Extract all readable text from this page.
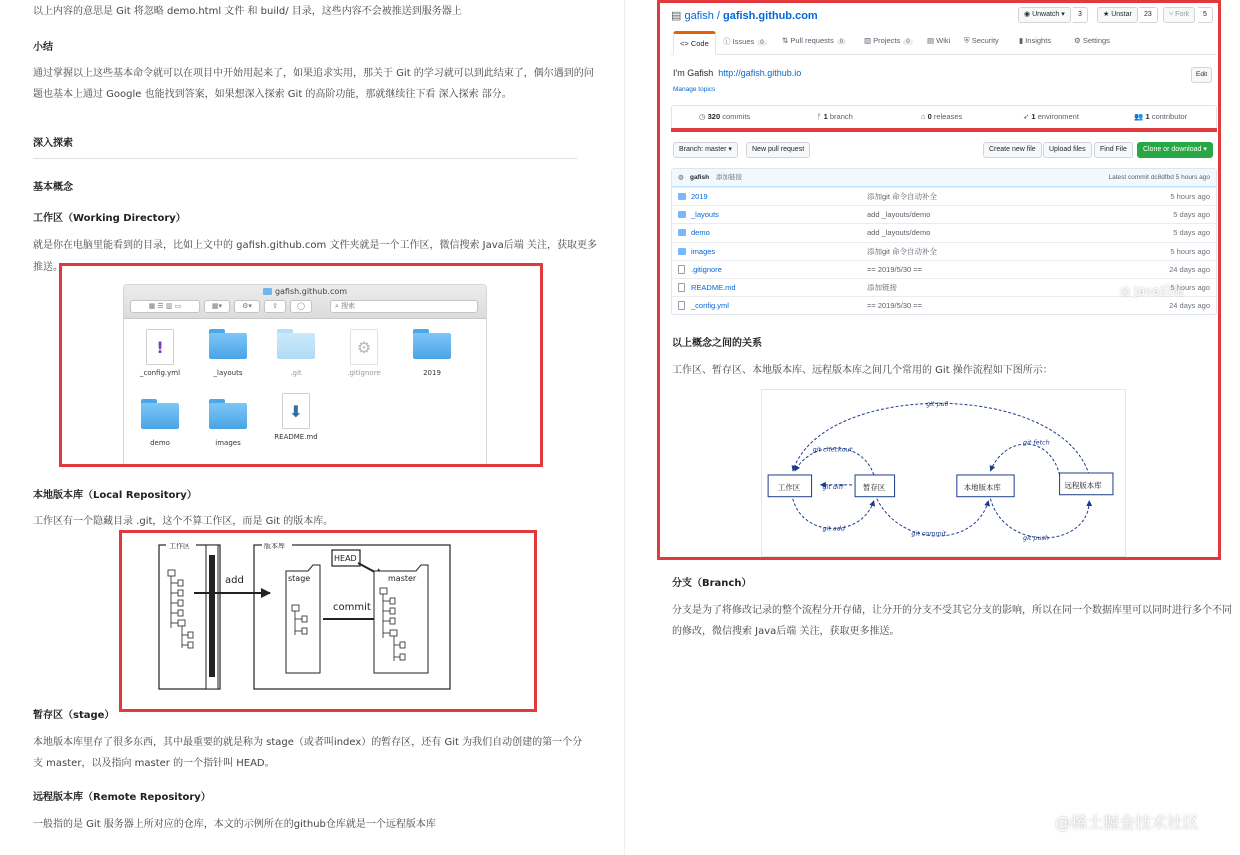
以上内容的意思是 Git 将忽略 demo.html 文件 和 build/ 目录，这些内容不会被推送到服务器上
小结
通过掌握以上这些基本命令就可以在项目中开始用起来了，如果追求实用，那关于 Git 的学习就可以到此结束了，偶尔遇到的问
题也基本上通过 Google 也能找到答案，如果想深入探索 Git 的高阶功能，那就继续往下看 深入探索 部分。
深入探索
基本概念
工作区（Working Directory）
就是你在电脑里能看到的目录，比如上文中的 gafish.github.com 文件夹就是一个工作区，微信搜索 Java后端 关注，获取更多
推送。
gafish.github.com
▦ ☰ ▥ ▭	▦▾	⚙▾	⇧	◯	⌕ 搜索
!
_config.yml	_layouts	.git
⚙
.gitignore	2019
demo	images
⬇
README.md
本地版本库（Local Repository）
工作区有一个隐藏目录 .git，这个不算工作区，而是 Git 的版本库。
工作区	版本库
add	stage
commit
HEAD
master
暂存区（stage）
本地版本库里存了很多东西，其中最重要的就是称为 stage（或者叫index）的暂存区，还有 Git 为我们自动创建的第一个分
支 master，以及指向 master 的一个指针叫 HEAD。
远程版本库（Remote Repository）
一般指的是 Git 服务器上所对应的仓库，本文的示例所在的github仓库就是一个远程版本库
▤ gafish / gafish.github.com	◉ Unwatch ▾	3	★ Unstar	23	⑂ Fork	5
<> Code	ⓘ Issues 0	⇅ Pull requests 0	▥ Projects 0	▤ Wiki ⛨ Security	▮ Insights	⚙ Settings
I'm Gafish http://gafish.github.io	Edit
Manage topics
◷ 320 commits	ᚠ 1 branch	⌂ 0 releases	➶ 1 environment	👥 1 contributor
Branch: master ▾	New pull request	Create new file	Upload files	Find File	Clone or download ▾
◍ gafish 添加链接	Latest commit dc8dfbd 5 hours ago
2019	添加git 命令自动补全	5 hours ago
_layouts	add _layouts/demo	5 days ago
demo	add _layouts/demo	5 days ago
images	添加git 命令自动补全	5 hours ago
.gitignore	== 2019/5/30 ==	24 days ago
README.md	添加链接	5 hours ago
_config.yml	== 2019/5/30 ==	24 days ago
◎ Java后端
以上概念之间的关系
工作区、暂存区、本地版本库、远程版本库之间几个常用的 Git 操作流程如下图所示：
工作区	暂存区	本地版本库	远程版本库
git pull
git checkout
git diff
git fetch
git add
git commit
git push
分支（Branch）
分支是为了将修改记录的整个流程分开存储，让分开的分支不受其它分支的影响，所以在同一个数据库里可以同时进行多个不同
的修改，微信搜索 Java后端 关注，获取更多推送。
@稀土掘金技术社区
